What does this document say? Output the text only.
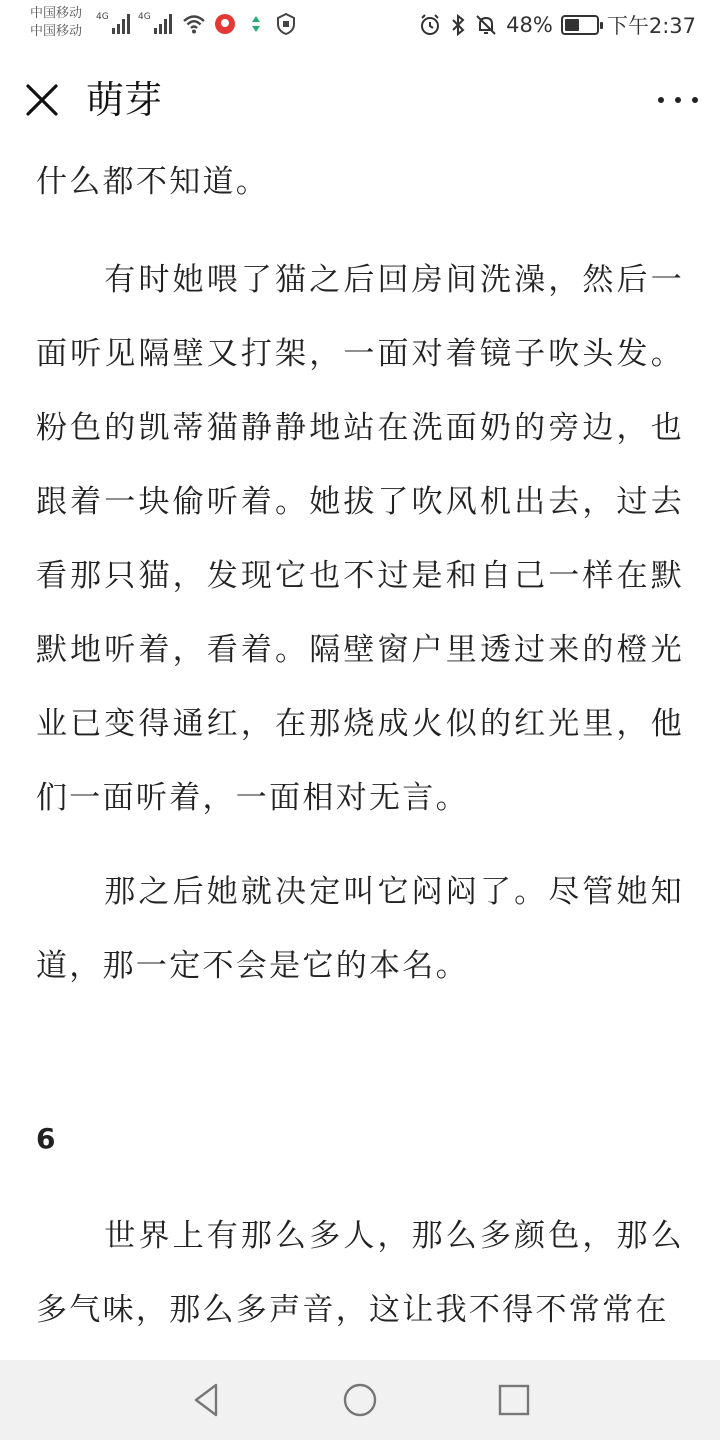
中国移动
中国移动
4G	4G	48%	下午2:37
萌芽

什么都不知道。

　　有时她喂了猫之后回房间洗澡，然后一面听见隔壁又打架，一面对着镜子吹头发。粉色的凯蒂猫静静地站在洗面奶的旁边，也跟着一块偷听着。她拔了吹风机出去，过去看那只猫，发现它也不过是和自己一样在默默地听着，看着。隔壁窗户里透过来的橙光业已变得通红，在那烧成火似的红光里，他们一面听着，一面相对无言。

　　那之后她就决定叫它闷闷了。尽管她知道，那一定不会是它的本名。

6

　　世界上有那么多人，那么多颜色，那么多气味，那么多声音，这让我不得不常常在
